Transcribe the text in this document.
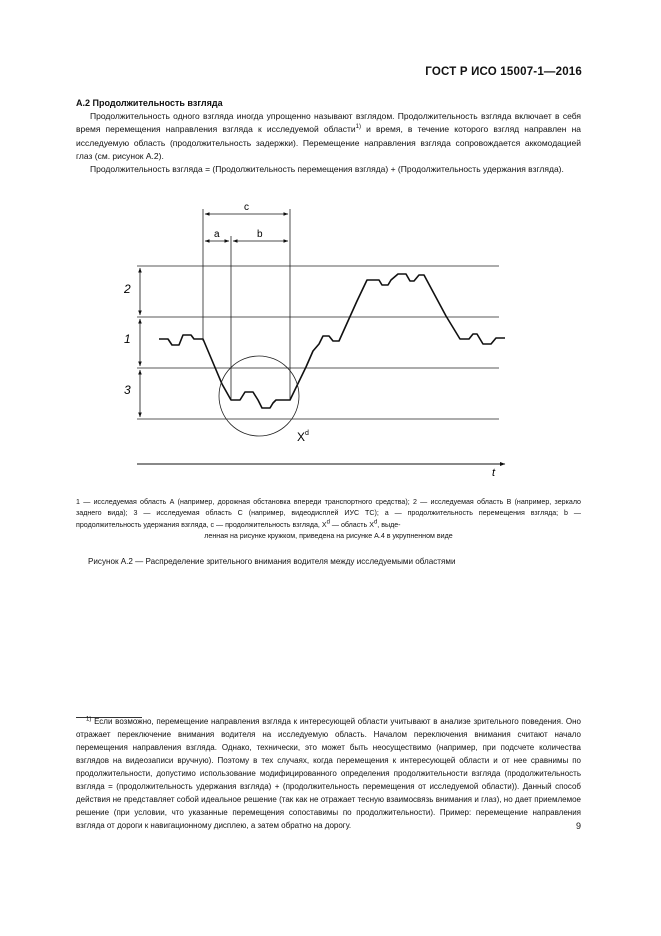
ГОСТ Р ИСО 15007-1—2016
А.2 Продолжительность взгляда
Продолжительность одного взгляда иногда упрощенно называют взглядом. Продолжительность взгляда включает в себя время перемещения направления взгляда к исследуемой области$^{1)}$ и время, в течение которого взгляд направлен на исследуемую область (продолжительность задержки). Перемещение направления взгляда сопровождается аккомодацией глаз (см. рисунок А.2).
Продолжительность взгляда = (Продолжительность перемещения взгляда) + (Продолжительность удержания взгляда).
2
1
3
c
a	b
$X^d$
t
1 — исследуемая область А (например, дорожная обстановка впереди транспортного средства); 2 — исследуемая область В (например, зеркало заднего вида); 3 — исследуемая область С (например, видеодисплей ИУС ТС); а — продолжительность перемещения взгляда; b — продолжительность удержания взгляда, с — продолжительность взгляда, $X^d$ — область $X^d$, выде-
ленная на рисунке кружком, приведена на рисунке А.4 в укрупненном виде
Рисунок А.2 — Распределение зрительного внимания водителя между исследуемыми областями
$^{1)}$ Если возможно, перемещение направления взгляда к интересующей области учитывают в анализе зрительного поведения. Оно отражает переключение внимания водителя на исследуемую область. Началом переключения внимания считают начало перемещения направления взгляда. Однако, технически, это может быть неосуществимо (например, при подсчете количества взглядов на видеозаписи вручную). Поэтому в тех случаях, когда перемещения к интересующей области и от нее сравнимы по продолжительности, допустимо использование модифицированного определения продолжительности взгляда (продолжительность взгляда = (продолжительность удержания взгляда) + (продолжительность перемещения от исследуемой области)). Данный способ действия не представляет собой идеальное решение (так как не отражает тесную взаимосвязь внимания и глаз), но дает приемлемое решение (при условии, что указанные перемещения сопоставимы по продолжительности). Пример: перемещение направления взгляда от дороги к навигационному дисплею, а затем обратно на дорогу.	9
